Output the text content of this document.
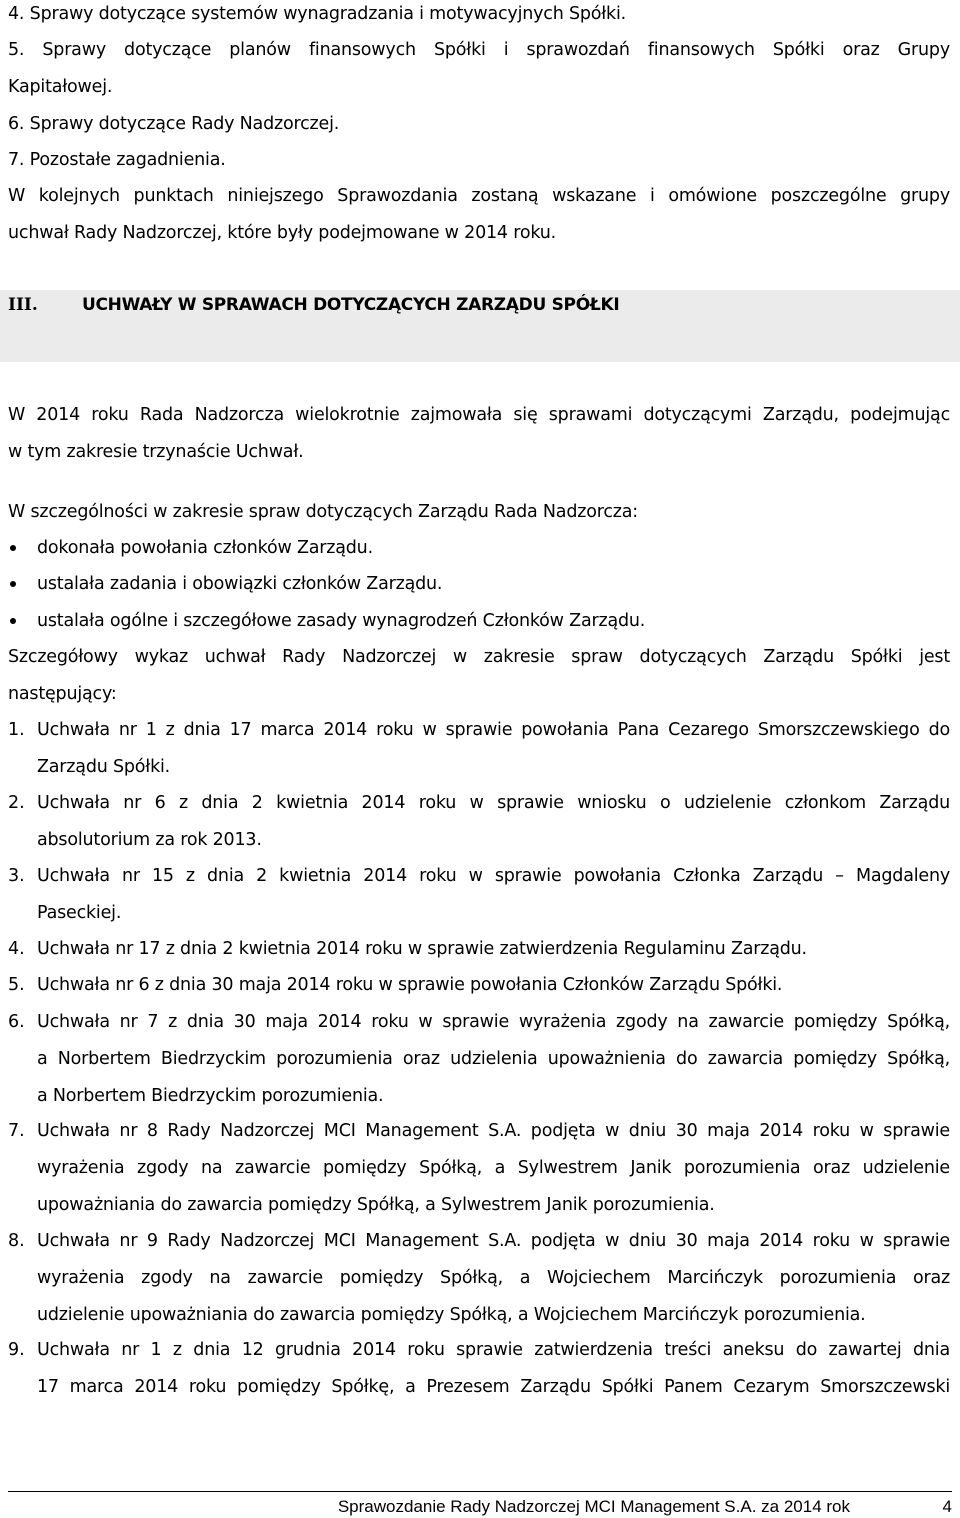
4. Sprawy dotyczące systemów wynagradzania i motywacyjnych Spółki.
5. Sprawy dotyczące planów finansowych Spółki i sprawozdań finansowych Spółki oraz Grupy
Kapitałowej.
6. Sprawy dotyczące Rady Nadzorczej.
7. Pozostałe zagadnienia.
W kolejnych punktach niniejszego Sprawozdania zostaną wskazane i omówione poszczególne grupy
uchwał Rady Nadzorczej, które były podejmowane w 2014 roku.
III.	UCHWAŁY W SPRAWACH DOTYCZĄCYCH ZARZĄDU SPÓŁKI
W 2014 roku Rada Nadzorcza wielokrotnie zajmowała się sprawami dotyczącymi Zarządu, podejmując
w tym zakresie trzynaście Uchwał.
W szczególności w zakresie spraw dotyczących Zarządu Rada Nadzorcza:
dokonała powołania członków Zarządu.
ustalała zadania i obowiązki członków Zarządu.
ustalała ogólne i szczegółowe zasady wynagrodzeń Członków Zarządu.
Szczegółowy wykaz uchwał Rady Nadzorczej w zakresie spraw dotyczących Zarządu Spółki jest
następujący:
1. Uchwała nr 1 z dnia 17 marca 2014 roku w sprawie powołania Pana Cezarego Smorszczewskiego do
Zarządu Spółki.
2. Uchwała nr 6 z dnia 2 kwietnia 2014 roku w sprawie wniosku o udzielenie członkom Zarządu
absolutorium za rok 2013.
3. Uchwała nr 15 z dnia 2 kwietnia 2014 roku w sprawie powołania Członka Zarządu – Magdaleny
Paseckiej.
4. Uchwała nr 17 z dnia 2 kwietnia 2014 roku w sprawie zatwierdzenia Regulaminu Zarządu.
5. Uchwała nr 6 z dnia 30 maja 2014 roku w sprawie powołania Członków Zarządu Spółki.
6. Uchwała nr 7 z dnia 30 maja 2014 roku w sprawie wyrażenia zgody na zawarcie pomiędzy Spółką,
a Norbertem Biedrzyckim porozumienia oraz udzielenia upoważnienia do zawarcia pomiędzy Spółką,
a Norbertem Biedrzyckim porozumienia.
7. Uchwała nr 8 Rady Nadzorczej MCI Management S.A. podjęta w dniu 30 maja 2014 roku w sprawie
wyrażenia zgody na zawarcie pomiędzy Spółką, a Sylwestrem Janik porozumienia oraz udzielenie
upoważniania do zawarcia pomiędzy Spółką, a Sylwestrem Janik porozumienia.
8. Uchwała nr 9 Rady Nadzorczej MCI Management S.A. podjęta w dniu 30 maja 2014 roku w sprawie
wyrażenia zgody na zawarcie pomiędzy Spółką, a Wojciechem Marcińczyk porozumienia oraz
udzielenie upoważniania do zawarcia pomiędzy Spółką, a Wojciechem Marcińczyk porozumienia.
9. Uchwała nr 1 z dnia 12 grudnia 2014 roku sprawie zatwierdzenia treści aneksu do zawartej dnia
17 marca 2014 roku pomiędzy Spółkę, a Prezesem Zarządu Spółki Panem Cezarym Smorszczewski
Sprawozdanie Rady Nadzorczej MCI Management S.A. za 2014 rok	4
